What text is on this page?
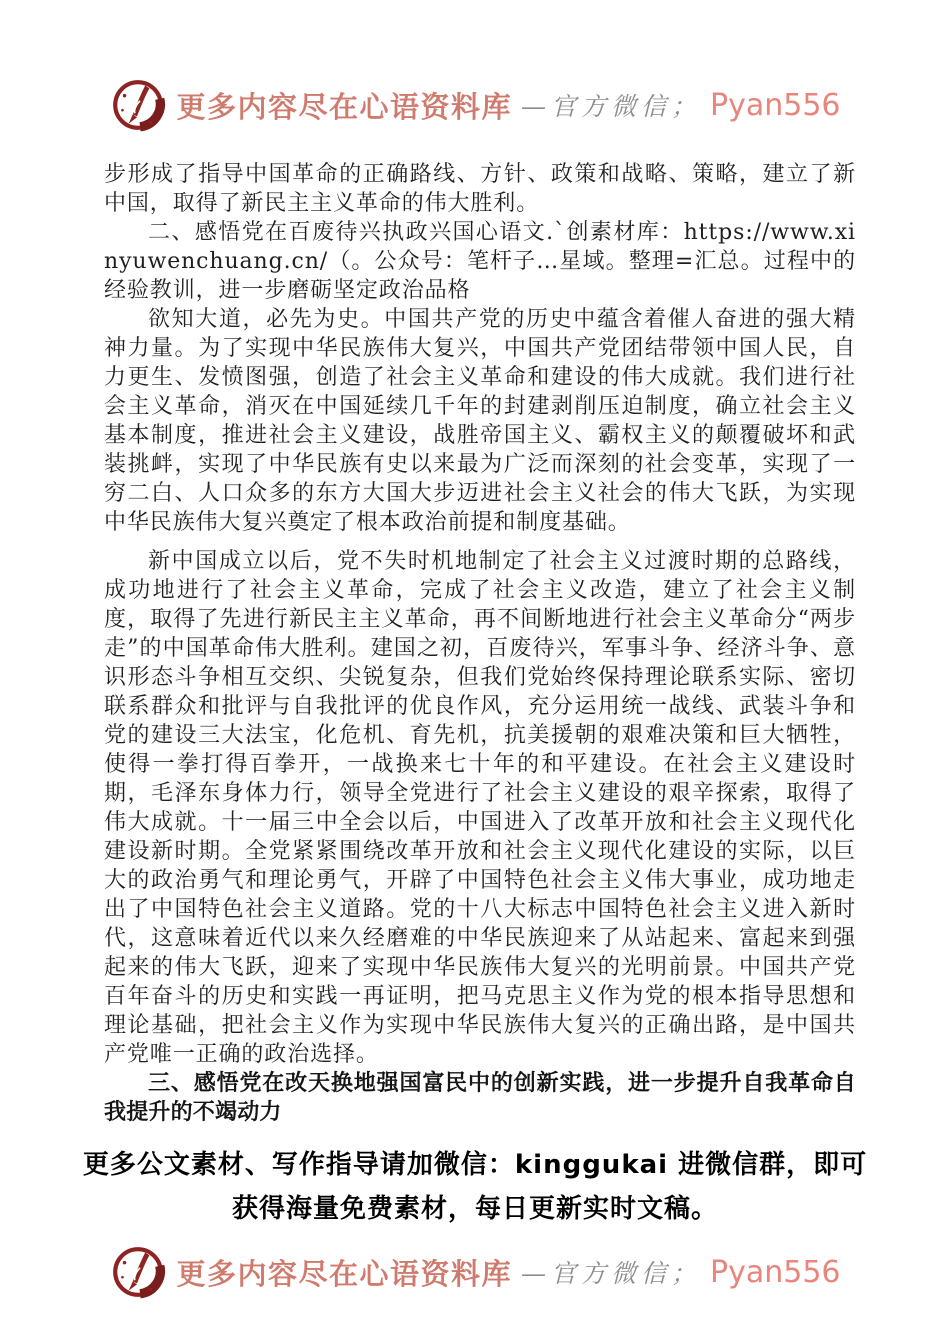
更多内容尽在心语资料库 —官方微信； Pyan556
步形成了指导中国革命的正确路线、方针、政策和战略、策略，建立了新中国，取得了新民主主义革命的伟大胜利。
二、感悟党在百废待兴执政兴国心语文.`创素材库：https://www.xinyuwenchuang.cn/（。公众号：笔杆子…星域。整理=汇总。过程中的经验教训，进一步磨砺坚定政治品格
欲知大道，必先为史。中国共产党的历史中蕴含着催人奋进的强大精神力量。为了实现中华民族伟大复兴，中国共产党团结带领中国人民，自力更生、发愤图强，创造了社会主义革命和建设的伟大成就。我们进行社会主义革命，消灭在中国延续几千年的封建剥削压迫制度，确立社会主义基本制度，推进社会主义建设，战胜帝国主义、霸权主义的颠覆破坏和武装挑衅，实现了中华民族有史以来最为广泛而深刻的社会变革，实现了一穷二白、人口众多的东方大国大步迈进社会主义社会的伟大飞跃，为实现中华民族伟大复兴奠定了根本政治前提和制度基础。
新中国成立以后，党不失时机地制定了社会主义过渡时期的总路线，成功地进行了社会主义革命，完成了社会主义改造，建立了社会主义制度，取得了先进行新民主主义革命，再不间断地进行社会主义革命分“两步走”的中国革命伟大胜利。建国之初，百废待兴，军事斗争、经济斗争、意识形态斗争相互交织、尖锐复杂，但我们党始终保持理论联系实际、密切联系群众和批评与自我批评的优良作风，充分运用统一战线、武装斗争和党的建设三大法宝，化危机、育先机，抗美援朝的艰难决策和巨大牺牲，使得一拳打得百拳开，一战换来七十年的和平建设。在社会主义建设时期，毛泽东身体力行，领导全党进行了社会主义建设的艰辛探索，取得了伟大成就。十一届三中全会以后，中国进入了改革开放和社会主义现代化建设新时期。全党紧紧围绕改革开放和社会主义现代化建设的实际，以巨大的政治勇气和理论勇气，开辟了中国特色社会主义伟大事业，成功地走出了中国特色社会主义道路。党的十八大标志中国特色社会主义进入新时代，这意味着近代以来久经磨难的中华民族迎来了从站起来、富起来到强起来的伟大飞跃，迎来了实现中华民族伟大复兴的光明前景。中国共产党百年奋斗的历史和实践一再证明，把马克思主义作为党的根本指导思想和理论基础，把社会主义作为实现中华民族伟大复兴的正确出路，是中国共产党唯一正确的政治选择。
三、感悟党在改天换地强国富民中的创新实践，进一步提升自我革命自我提升的不竭动力
更多公文素材、写作指导请加微信：kinggukai 进微信群，即可
获得海量免费素材，每日更新实时文稿。
更多内容尽在心语资料库 —官方微信； Pyan556
